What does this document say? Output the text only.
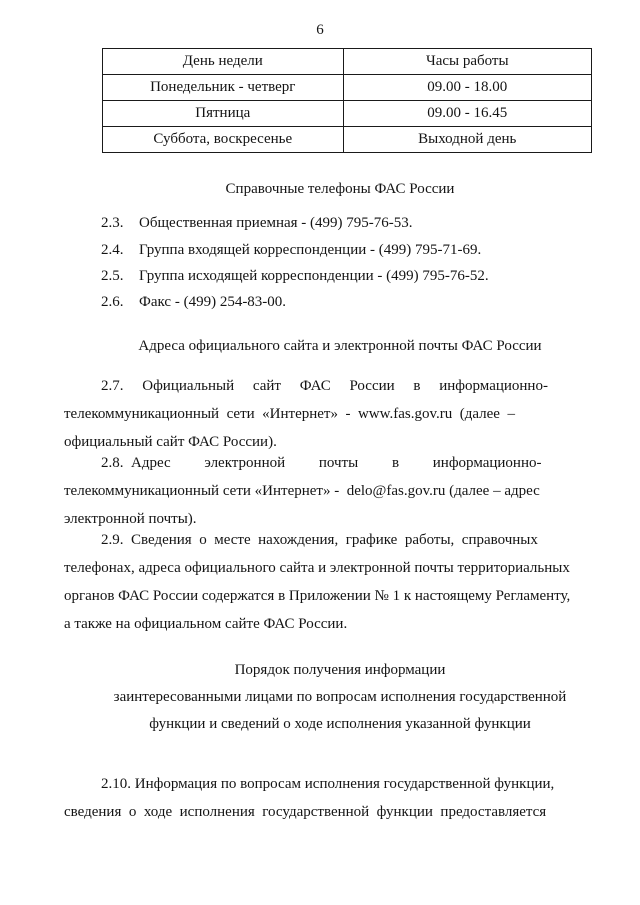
6
День недели	Часы работы
Понедельник - четверг	09.00 - 18.00
Пятница	09.00 - 16.45
Суббота, воскресенье	Выходной день
Справочные телефоны ФАС России
2.3. Общественная приемная - (499) 795-76-53.
2.4. Группа входящей корреспонденции - (499) 795-71-69.
2.5. Группа исходящей корреспонденции - (499) 795-76-52.
2.6. Факс - (499) 254-83-00.
Адреса официального сайта и электронной почты ФАС России
2.7.     Официальный     сайт     ФАС     России     в     информационно-
телекоммуникационный  сети  «Интернет»  -  www.fas.gov.ru  (далее  –
официальный сайт ФАС России).
2.8.  Адрес         электронной         почты         в         информационно-
телекоммуникационный сети «Интернет» -  delo@fas.gov.ru (далее – адрес
электронной почты).
2.9.  Сведения  о  месте  нахождения,  графике  работы,  справочных
телефонах, адреса официального сайта и электронной почты территориальных
органов ФАС России содержатся в Приложении № 1 к настоящему Регламенту,
а также на официальном сайте ФАС России.
Порядок получения информации
заинтересованными лицами по вопросам исполнения государственной
функции и сведений о ходе исполнения указанной функции
2.10. Информация по вопросам исполнения государственной функции,
сведения  о  ходе  исполнения  государственной  функции  предоставляется
